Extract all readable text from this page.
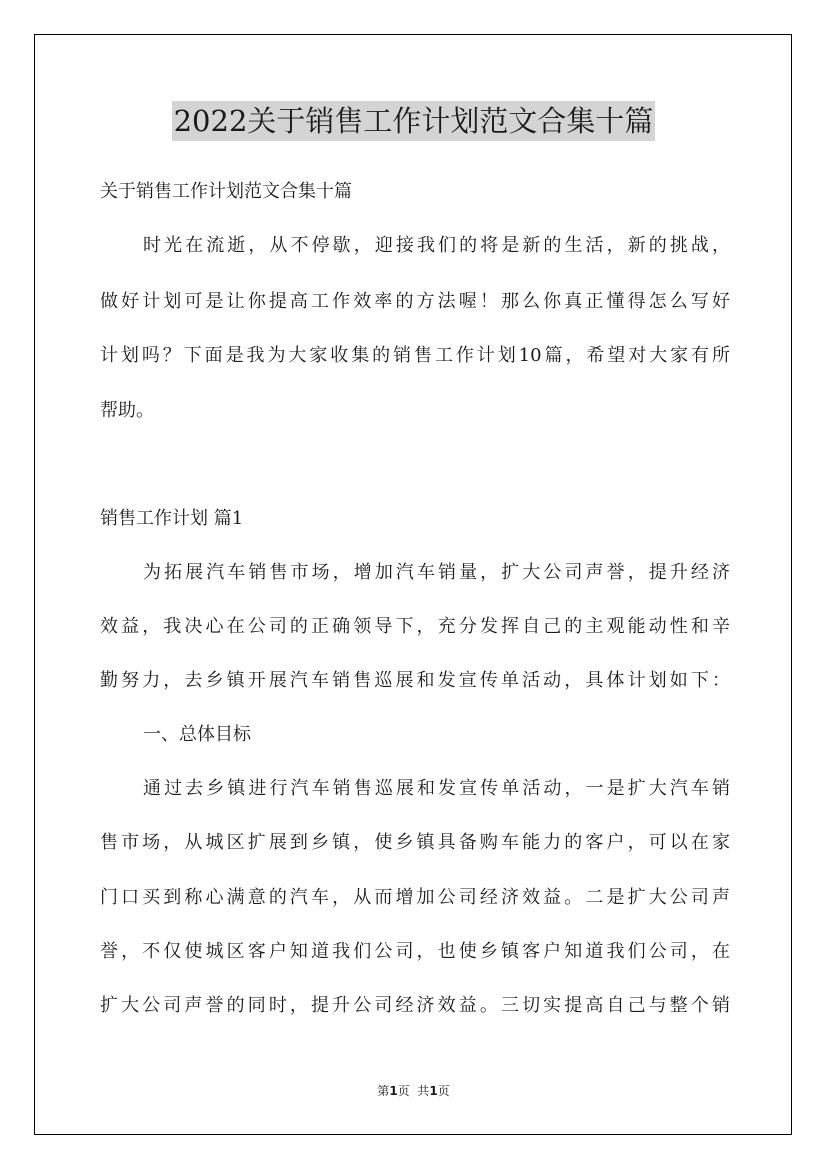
2022关于销售工作计划范文合集十篇

关于销售工作计划范文合集十篇

时光在流逝，从不停歇，迎接我们的将是新的生活，新的挑战，

做好计划可是让你提高工作效率的方法喔！那么你真正懂得怎么写好

计划吗？下面是我为大家收集的销售工作计划10篇，希望对大家有所

帮助。

销售工作计划 篇1

为拓展汽车销售市场，增加汽车销量，扩大公司声誉，提升经济

效益，我决心在公司的正确领导下，充分发挥自己的主观能动性和辛

勤努力，去乡镇开展汽车销售巡展和发宣传单活动，具体计划如下：

一、总体目标

通过去乡镇进行汽车销售巡展和发宣传单活动，一是扩大汽车销

售市场，从城区扩展到乡镇，使乡镇具备购车能力的客户，可以在家

门口买到称心满意的汽车，从而增加公司经济效益。二是扩大公司声

誉，不仅使城区客户知道我们公司，也使乡镇客户知道我们公司，在

扩大公司声誉的同时，提升公司经济效益。三切实提高自己与整个销

第1页  共1页
